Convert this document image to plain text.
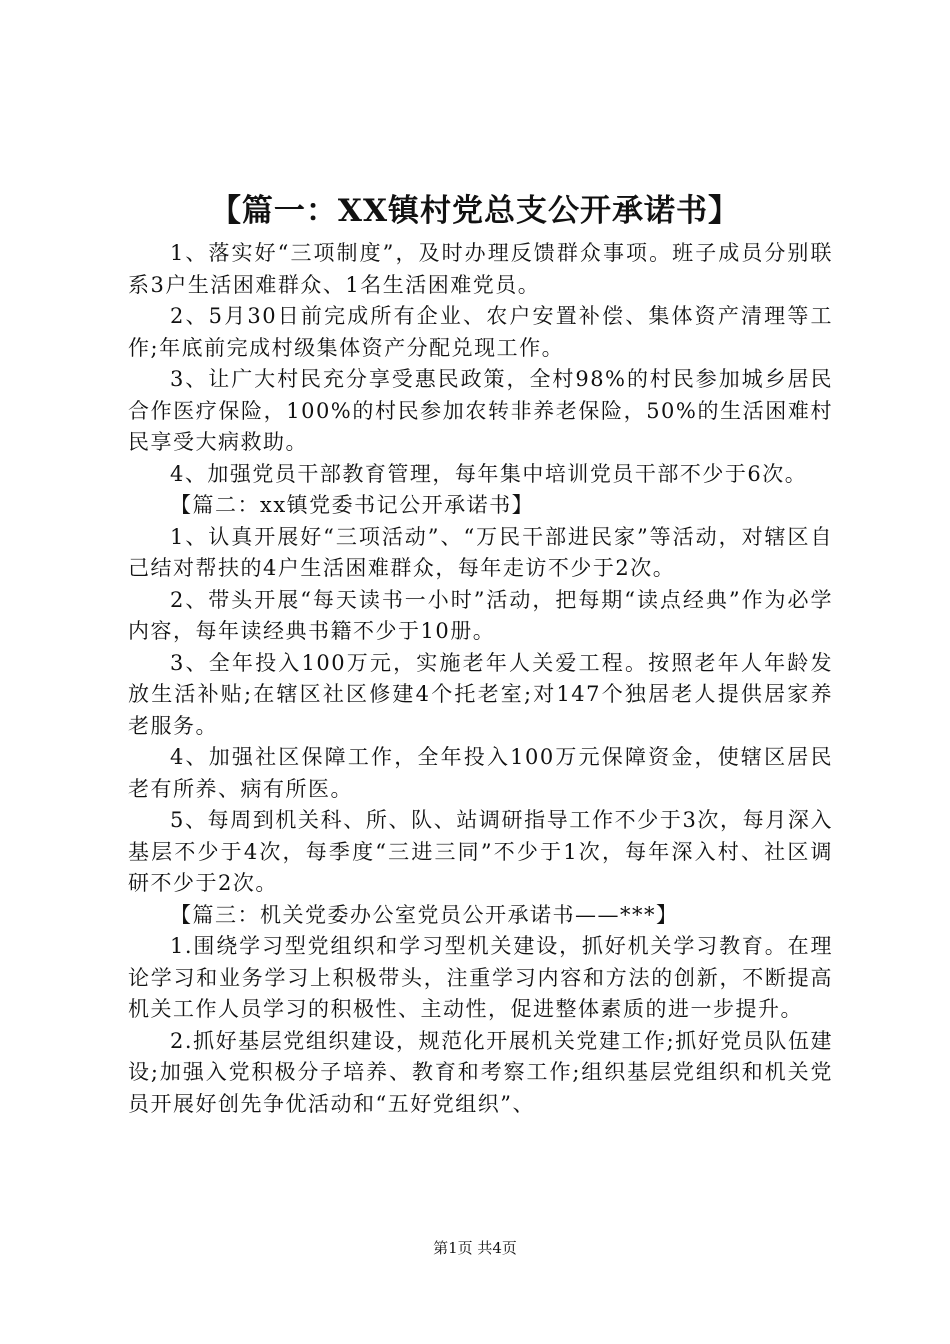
【篇一：XX镇村党总支公开承诺书】

1、落实好“三项制度”，及时办理反馈群众事项。班子成员分别联系3户生活困难群众、1名生活困难党员。

2、5月30日前完成所有企业、农户安置补偿、集体资产清理等工作;年底前完成村级集体资产分配兑现工作。

3、让广大村民充分享受惠民政策，全村98%的村民参加城乡居民合作医疗保险，100%的村民参加农转非养老保险，50%的生活困难村民享受大病救助。

4、加强党员干部教育管理，每年集中培训党员干部不少于6次。

【篇二：xx镇党委书记公开承诺书】

1、认真开展好“三项活动”、“万民干部进民家”等活动，对辖区自己结对帮扶的4户生活困难群众，每年走访不少于2次。

2、带头开展“每天读书一小时”活动，把每期“读点经典”作为必学内容，每年读经典书籍不少于10册。

3、全年投入100万元，实施老年人关爱工程。按照老年人年龄发放生活补贴;在辖区社区修建4个托老室;对147个独居老人提供居家养老服务。

4、加强社区保障工作，全年投入100万元保障资金，使辖区居民老有所养、病有所医。

5、每周到机关科、所、队、站调研指导工作不少于3次，每月深入基层不少于4次，每季度“三进三同”不少于1次，每年深入村、社区调研不少于2次。

【篇三：机关党委办公室党员公开承诺书——***】

1.围绕学习型党组织和学习型机关建设，抓好机关学习教育。在理论学习和业务学习上积极带头，注重学习内容和方法的创新，不断提高机关工作人员学习的积极性、主动性，促进整体素质的进一步提升。

2.抓好基层党组织建设，规范化开展机关党建工作;抓好党员队伍建设;加强入党积极分子培养、教育和考察工作;组织基层党组织和机关党员开展好创先争优活动和“五好党组织”、

第1页 共4页
